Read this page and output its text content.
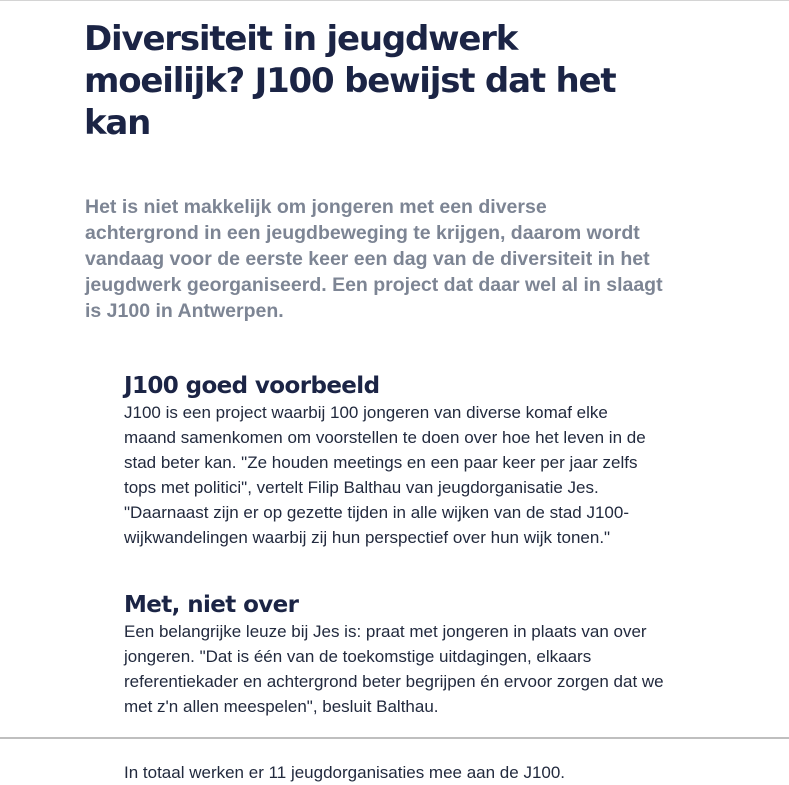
Diversiteit in jeugdwerk moeilijk? J100 bewijst dat het kan

Het is niet makkelijk om jongeren met een diverse achtergrond in een jeugdbeweging te krijgen, daarom wordt vandaag voor de eerste keer een dag van de diversiteit in het jeugdwerk georganiseerd. Een project dat daar wel al in slaagt is J100 in Antwerpen.

J100 goed voorbeeld

J100 is een project waarbij 100 jongeren van diverse komaf elke maand samenkomen om voorstellen te doen over hoe het leven in de stad beter kan. "Ze houden meetings en een paar keer per jaar zelfs tops met politici", vertelt Filip Balthau van jeugdorganisatie Jes. "Daarnaast zijn er op gezette tijden in alle wijken van de stad J100-wijkwandelingen waarbij zij hun perspectief over hun wijk tonen."

Met, niet over

Een belangrijke leuze bij Jes is: praat met jongeren in plaats van over jongeren. "Dat is één van de toekomstige uitdagingen, elkaars referentiekader en achtergrond beter begrijpen én ervoor zorgen dat we met z'n allen meespelen", besluit Balthau.

In totaal werken er 11 jeugdorganisaties mee aan de J100.
